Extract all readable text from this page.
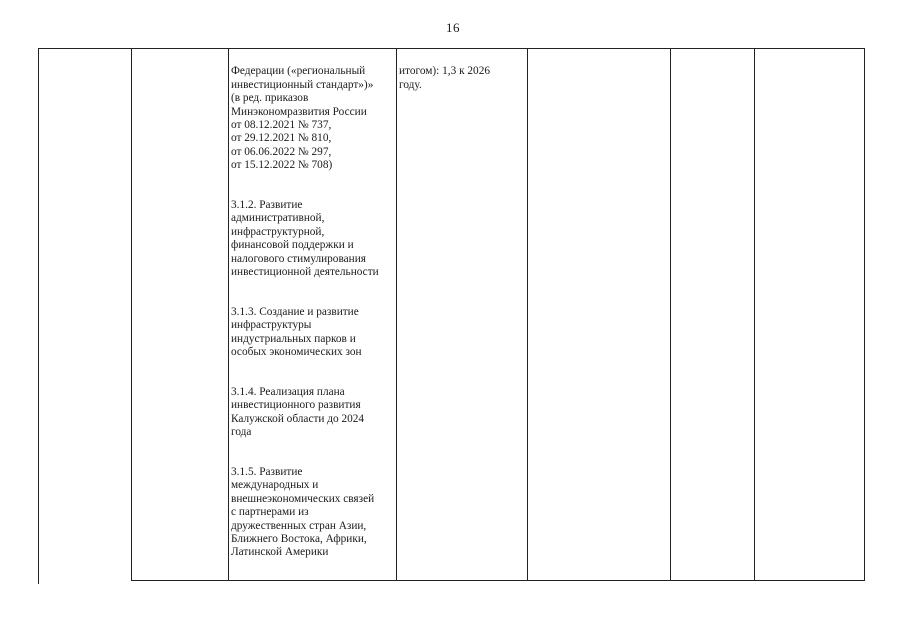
16

Федерации («региональный
инвестиционный стандарт»)»
(в ред. приказов
Минэкономразвития России
от 08.12.2021 № 737,
от 29.12.2021 № 810,
от 06.06.2022 № 297,
от 15.12.2022 № 708)

3.1.2. Развитие
административной,
инфраструктурной,
финансовой поддержки и
налогового стимулирования
инвестиционной деятельности

3.1.3. Создание и развитие
инфраструктуры
индустриальных парков и
особых экономических зон

3.1.4. Реализация плана
инвестиционного развития
Калужской области до 2024
года

3.1.5. Развитие
международных и
внешнеэкономических связей
с партнерами из
дружественных стран Азии,
Ближнего Востока, Африки,
Латинской Америки

итогом): 1,3 к 2026
году.
